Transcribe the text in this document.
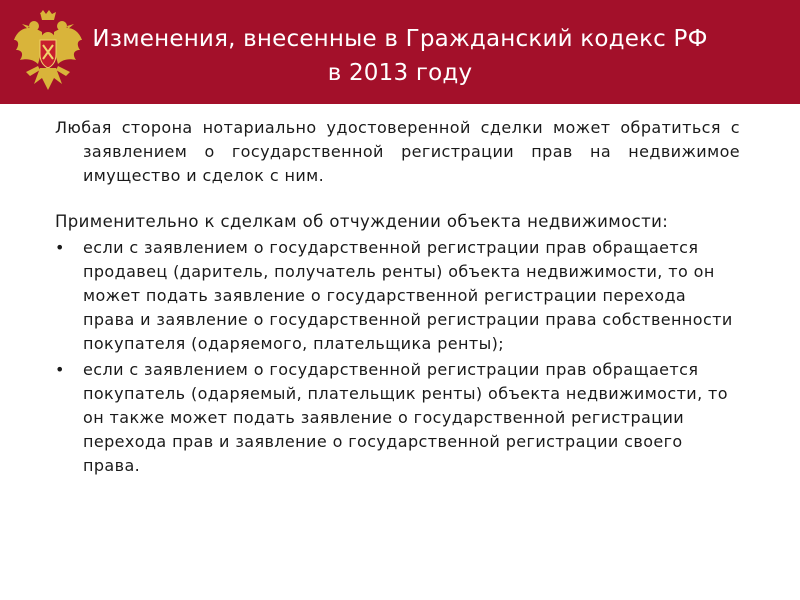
Изменения, внесенные в Гражданский кодекс РФ
в 2013 году

Любая сторона нотариально удостоверенной сделки может обратиться с заявлением о государственной регистрации прав на недвижимое имущество и сделок с ним.

Применительно к сделкам об отчуждении объекта недвижимости:

• если с заявлением о государственной регистрации прав обращается продавец (даритель, получатель ренты) объекта недвижимости, то он может подать заявление о государственной регистрации перехода права и заявление о государственной регистрации права собственности покупателя (одаряемого, плательщика ренты);
• если с заявлением о государственной регистрации прав обращается покупатель (одаряемый, плательщик ренты) объекта недвижимости, то он также может подать заявление о государственной регистрации перехода прав и заявление о государственной регистрации своего права.
